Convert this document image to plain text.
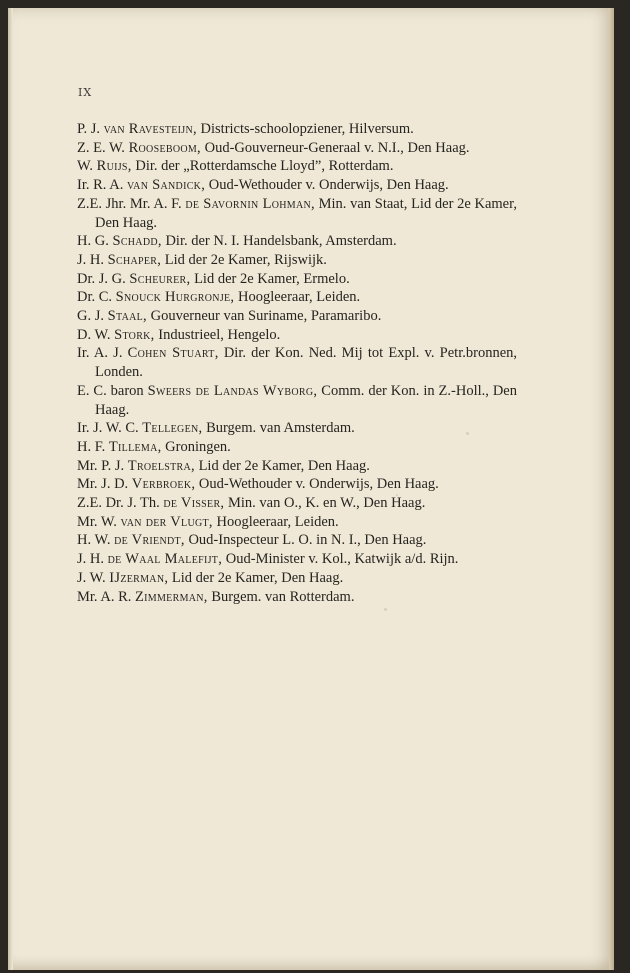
IX
P. J. van Ravesteijn, Districts-schoolopziener, Hilversum.
Z. E. W. Rooseboom, Oud-Gouverneur-Generaal v. N.I., Den Haag.
W. Ruijs, Dir. der „Rotterdamsche Lloyd”, Rotterdam.
Ir. R. A. van Sandick, Oud-Wethouder v. Onderwijs, Den Haag.
Z.E. Jhr. Mr. A. F. de Savornin Lohman, Min. van Staat, Lid der 2e Kamer, Den Haag.
H. G. Schadd, Dir. der N. I. Handelsbank, Amsterdam.
J. H. Schaper, Lid der 2e Kamer, Rijswijk.
Dr. J. G. Scheurer, Lid der 2e Kamer, Ermelo.
Dr. C. Snouck Hurgronje, Hoogleeraar, Leiden.
G. J. Staal, Gouverneur van Suriname, Paramaribo.
D. W. Stork, Industrieel, Hengelo.
Ir. A. J. Cohen Stuart, Dir. der Kon. Ned. Mij tot Expl. v. Petr.bronnen, Londen.
E. C. baron Sweers de Landas Wyborg, Comm. der Kon. in Z.-Holl., Den Haag.
Ir. J. W. C. Tellegen, Burgem. van Amsterdam.
H. F. Tillema, Groningen.
Mr. P. J. Troelstra, Lid der 2e Kamer, Den Haag.
Mr. J. D. Verbroek, Oud-Wethouder v. Onderwijs, Den Haag.
Z.E. Dr. J. Th. de Visser, Min. van O., K. en W., Den Haag.
Mr. W. van der Vlugt, Hoogleeraar, Leiden.
H. W. de Vriendt, Oud-Inspecteur L. O. in N. I., Den Haag.
J. H. de Waal Malefijt, Oud-Minister v. Kol., Katwijk a/d. Rijn.
J. W. IJzerman, Lid der 2e Kamer, Den Haag.
Mr. A. R. Zimmerman, Burgem. van Rotterdam.
